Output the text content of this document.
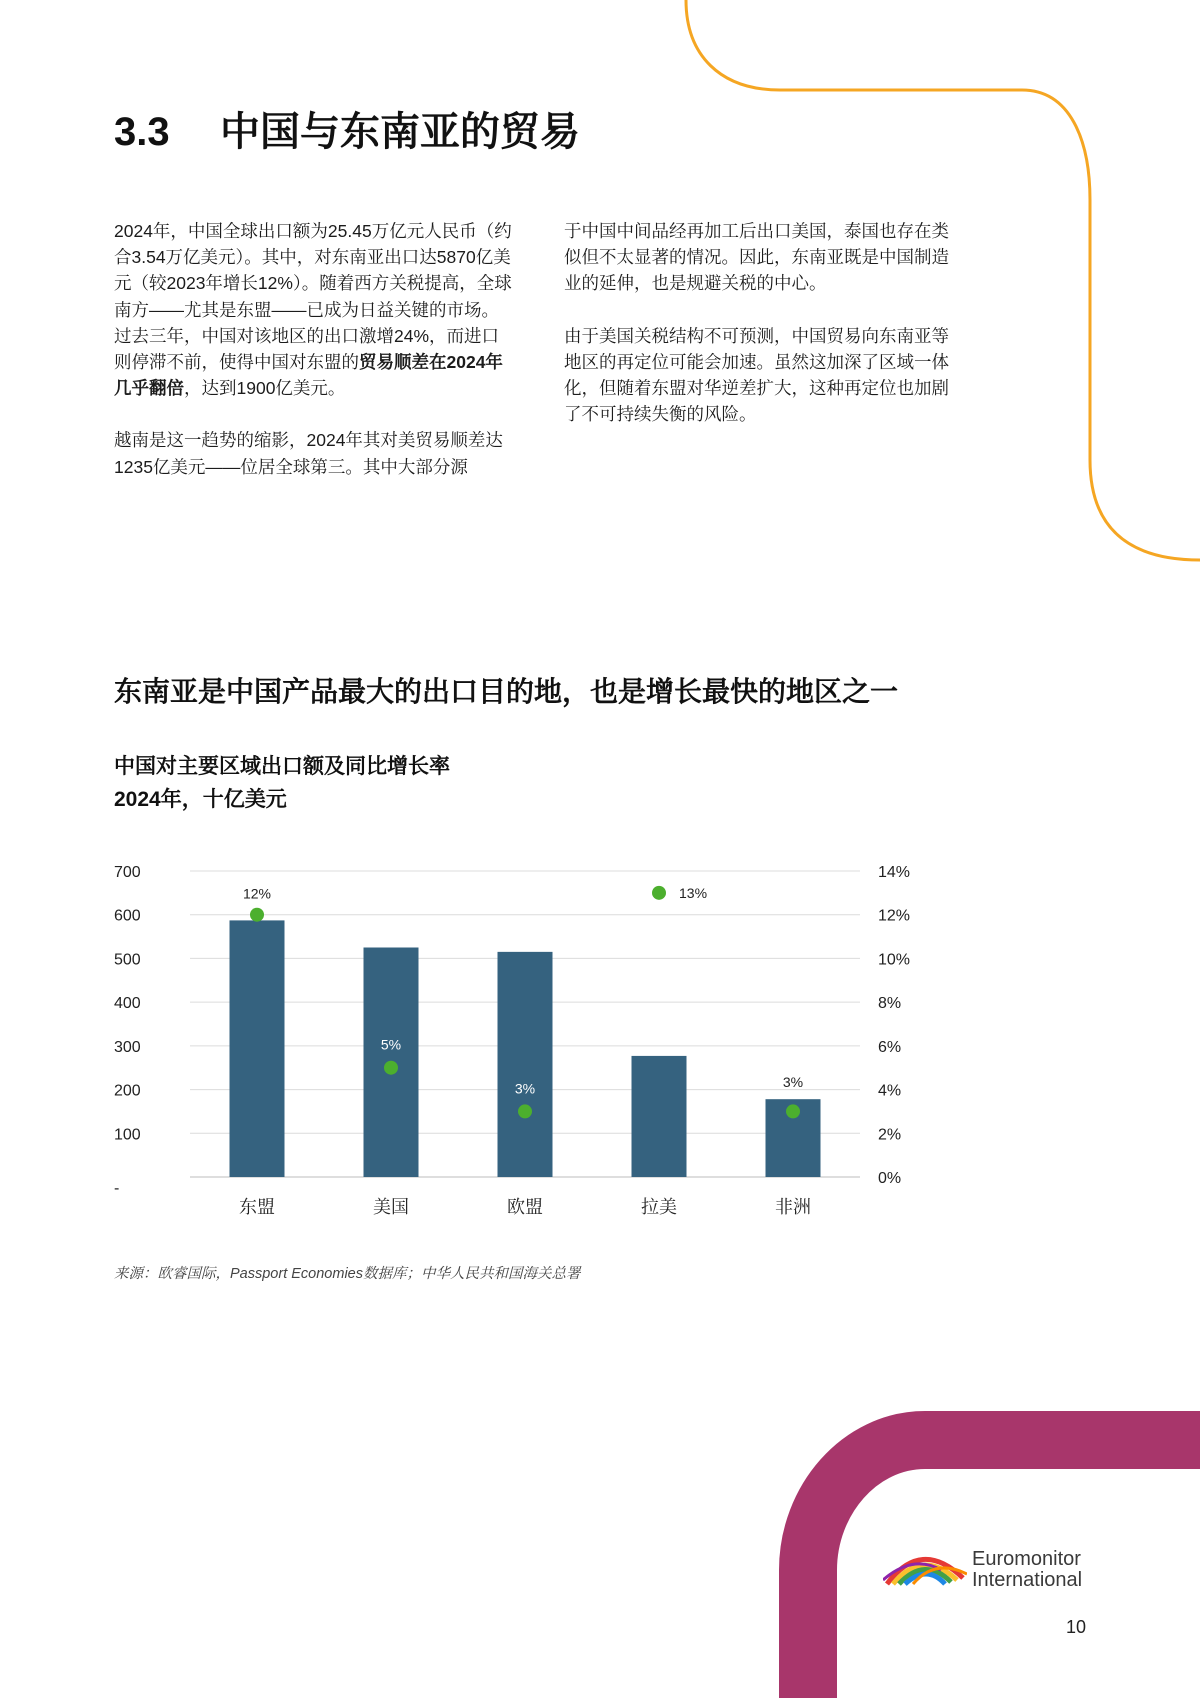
3.3 中国与东南亚的贸易

2024年，中国全球出口额为25.45万亿元人民币（约合3.54万亿美元）。其中，对东南亚出口达5870亿美元（较2023年增长12%）。随着西方关税提高，全球南方——尤其是东盟——已成为日益关键的市场。过去三年，中国对该地区的出口激增24%，而进口则停滞不前，使得中国对东盟的贸易顺差在2024年几乎翻倍，达到1900亿美元。

越南是这一趋势的缩影，2024年其对美贸易顺差达1235亿美元——位居全球第三。其中大部分源

于中国中间品经再加工后出口美国，泰国也存在类似但不太显著的情况。因此，东南亚既是中国制造业的延伸，也是规避关税的中心。

由于美国关税结构不可预测，中国贸易向东南亚等地区的再定位可能会加速。虽然这加深了区域一体化，但随着东盟对华逆差扩大，这种再定位也加剧了不可持续失衡的风险。

东南亚是中国产品最大的出口目的地，也是增长最快的地区之一
中国对主要区域出口额及同比增长率
2024年，十亿美元
-
100
200
300
400
500
600
700
0%
2%
4%
6%
8%
10%
12%
14%
东盟
12%
美国
5%
欧盟
3%
拉美
13%
非洲
3%
来源：欧睿国际，Passport Economies数据库；中华人民共和国海关总署
Euromonitor
International
10
